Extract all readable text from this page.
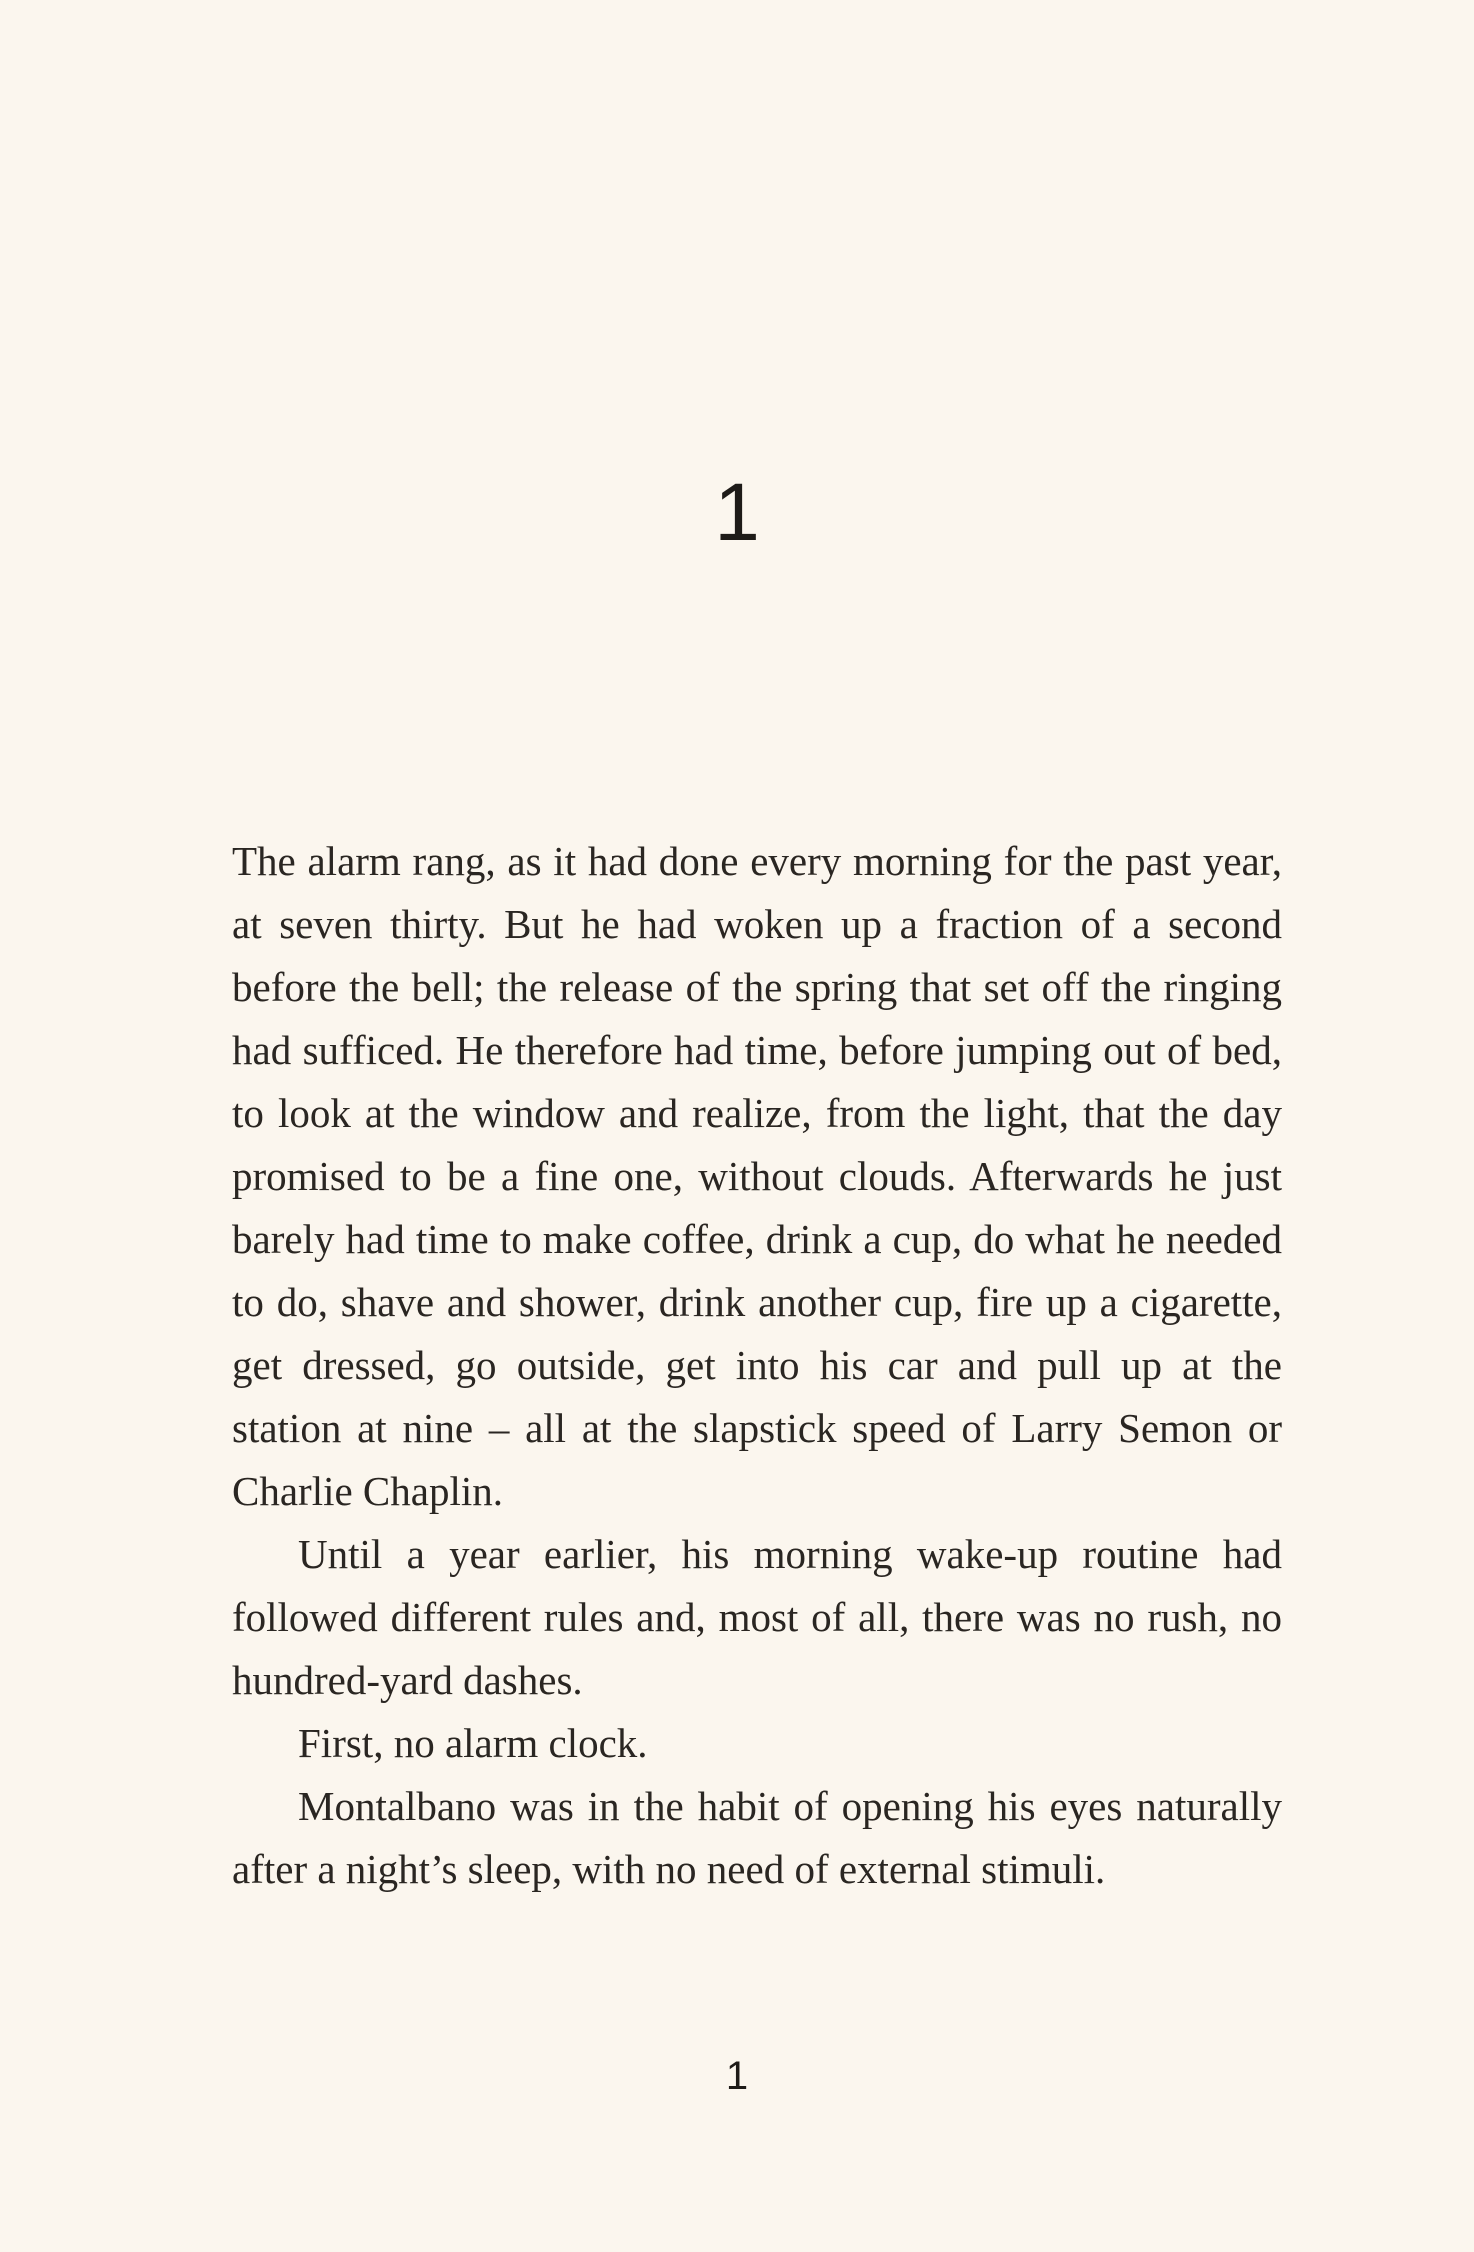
1

The alarm rang, as it had done every morning for the past year, at seven thirty. But he had woken up a fraction of a second before the bell; the release of the spring that set off the ringing had sufficed. He therefore had time, before jumping out of bed, to look at the window and realize, from the light, that the day promised to be a fine one, without clouds. Afterwards he just barely had time to make coffee, drink a cup, do what he needed to do, shave and shower, drink another cup, fire up a cigarette, get dressed, go outside, get into his car and pull up at the station at nine – all at the slapstick speed of Larry Semon or Charlie Chaplin.

Until a year earlier, his morning wake-up routine had followed different rules and, most of all, there was no rush, no hundred-yard dashes.

First, no alarm clock.

Montalbano was in the habit of opening his eyes naturally after a night’s sleep, with no need of external stimuli.

1
